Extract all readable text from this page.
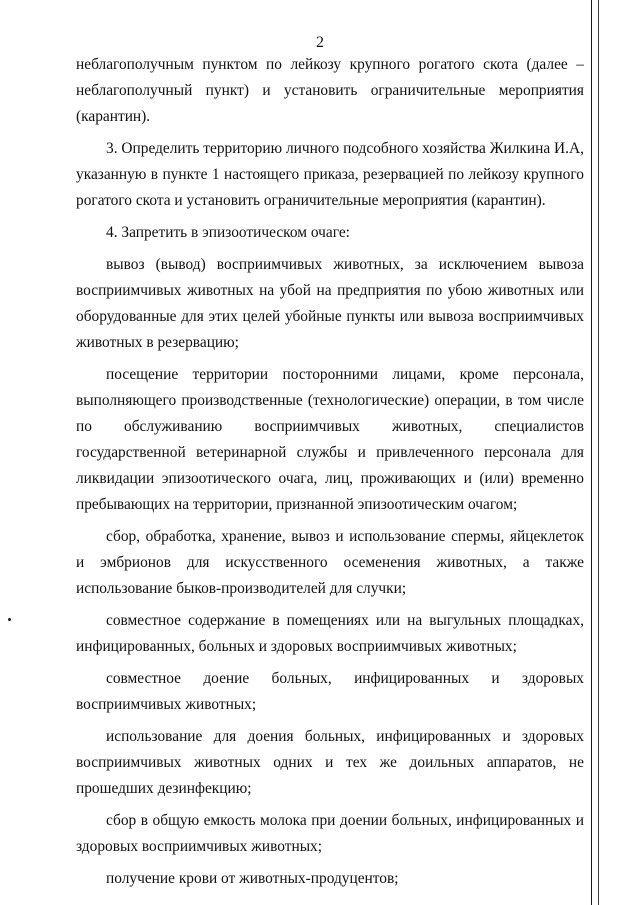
2

неблагополучным пунктом по лейкозу крупного рогатого скота (далее – неблагополучный пункт) и установить ограничительные мероприятия (карантин).

3. Определить территорию личного подсобного хозяйства Жилкина И.А, указанную в пункте 1 настоящего приказа, резервацией по лейкозу крупного рогатого скота и установить ограничительные мероприятия (карантин).

4. Запретить в эпизоотическом очаге:

вывоз (вывод) восприимчивых животных, за исключением вывоза восприимчивых животных на убой на предприятия по убою животных или оборудованные для этих целей убойные пункты или вывоза восприимчивых животных в резервацию;

посещение территории посторонними лицами, кроме персонала, выполняющего производственные (технологические) операции, в том числе по обслуживанию восприимчивых животных, специалистов государственной ветеринарной службы и привлеченного персонала для ликвидации эпизоотического очага, лиц, проживающих и (или) временно пребывающих на территории, признанной эпизоотическим очагом;

сбор, обработка, хранение, вывоз и использование спермы, яйцеклеток и эмбрионов для искусственного осеменения животных, а также использование быков-производителей для случки;

совместное содержание в помещениях или на выгульных площадках, инфицированных, больных и здоровых восприимчивых животных;

совместное доение больных, инфицированных и здоровых восприимчивых животных;

использование для доения больных, инфицированных и здоровых восприимчивых животных одних и тех же доильных аппаратов, не прошедших дезинфекцию;

сбор в общую емкость молока при доении больных, инфицированных и здоровых восприимчивых животных;

получение крови от животных-продуцентов;
